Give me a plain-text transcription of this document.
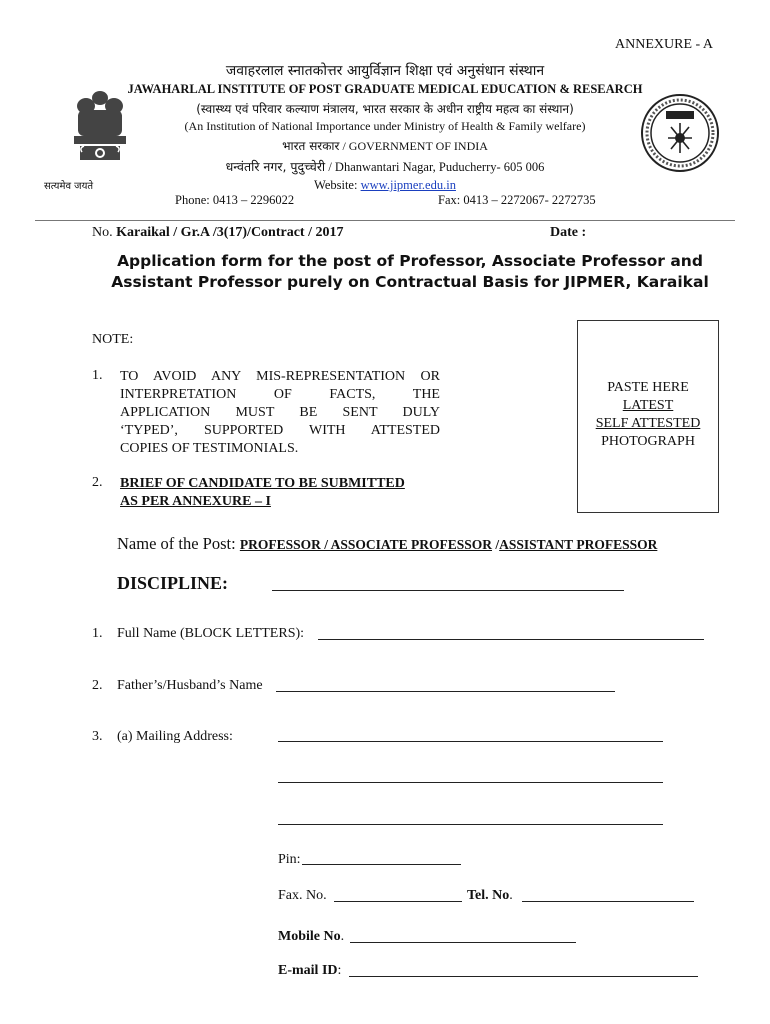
ANNEXURE - A
सत्यमेव जयते
जवाहरलाल स्नातकोत्तर आयुर्विज्ञान शिक्षा एवं अनुसंधान संस्थान
JAWAHARLAL INSTITUTE OF POST GRADUATE MEDICAL EDUCATION & RESEARCH
(स्वास्थ्य एवं परिवार कल्याण मंत्रालय, भारत सरकार के अधीन राष्ट्रीय महत्व का संस्थान)
(An Institution of National Importance under Ministry of Health & Family welfare)
भारत सरकार / GOVERNMENT OF INDIA
धन्वंतरि नगर, पुदुच्चेरी / Dhanwantari Nagar, Puducherry- 605 006
Website: www.jipmer.edu.in
Phone: 0413 – 2296022	Fax: 0413 – 2272067- 2272735
No. Karaikal / Gr.A /3(17)/Contract / 2017	Date :
Application form for the post of Professor, Associate Professor and Assistant Professor purely on Contractual Basis for JIPMER, Karaikal
PASTE HERE
LATEST
SELF ATTESTED
PHOTOGRAPH
NOTE:
1. TO AVOID ANY MIS-REPRESENTATION OR
INTERPRETATION OF FACTS, THE
APPLICATION MUST BE SENT DULY
‘TYPED’, SUPPORTED WITH ATTESTED
COPIES OF TESTIMONIALS.
2. BRIEF OF CANDIDATE TO BE SUBMITTED
AS PER ANNEXURE – I
Name of the Post: PROFESSOR / ASSOCIATE PROFESSOR /ASSISTANT PROFESSOR
DISCIPLINE:
1. Full Name (BLOCK LETTERS):
2. Father’s/Husband’s Name
3. (a) Mailing Address:
Pin:
Fax. No.	Tel. No.
Mobile No.
E-mail ID:
